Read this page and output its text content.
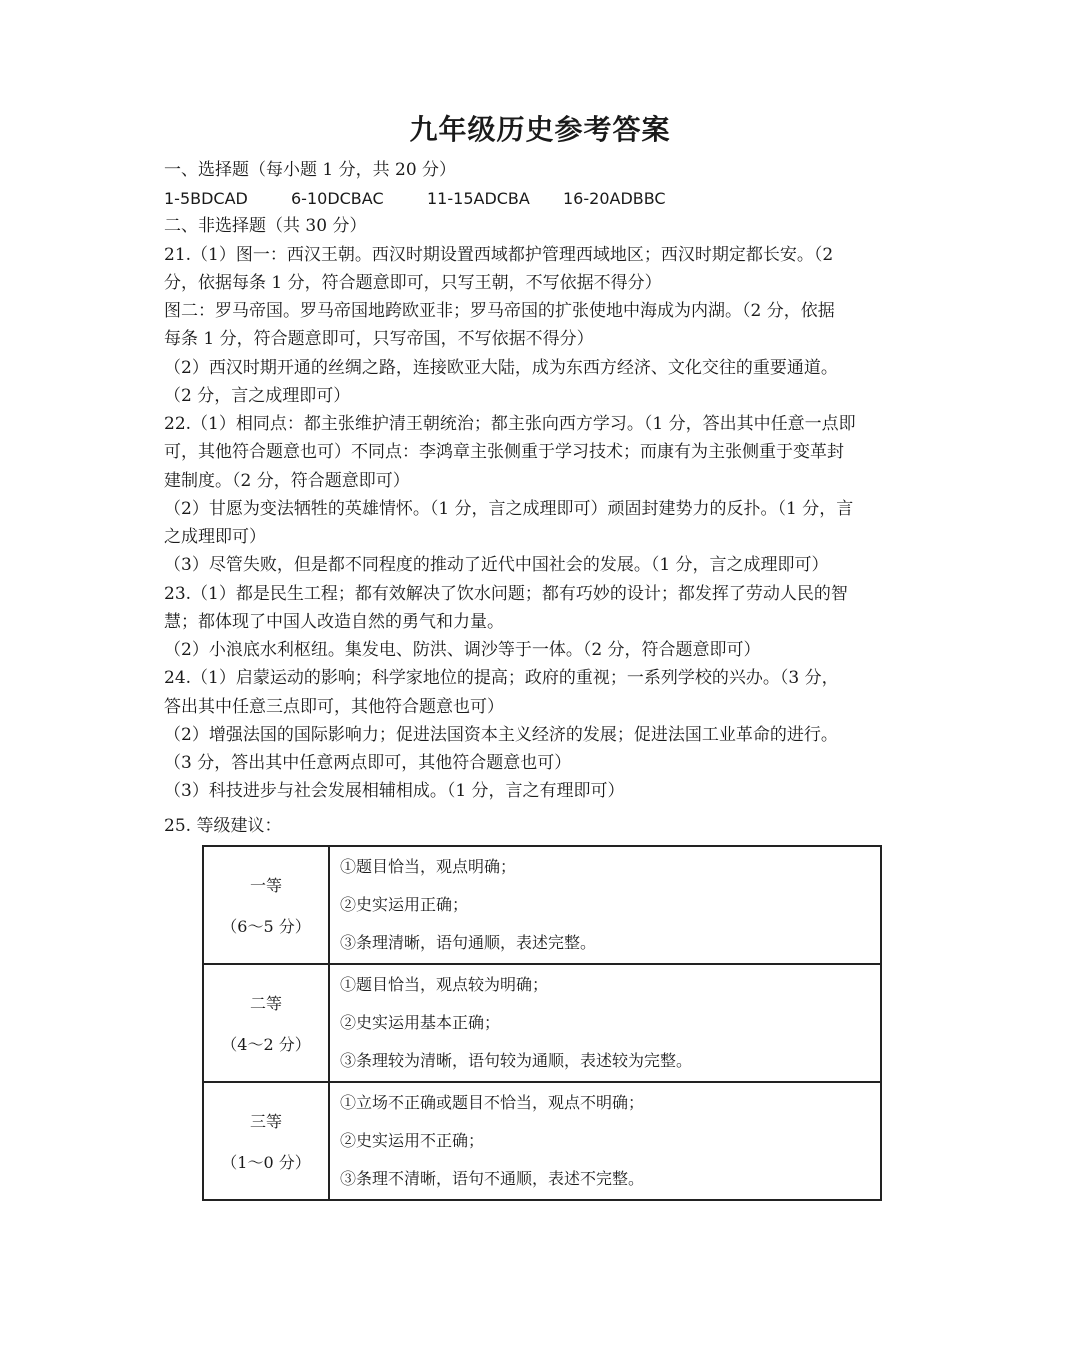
九年级历史参考答案
一、选择题（每小题 1 分，共 20 分）
1-5BDCAD	6-10DCBAC	11-15ADCBA 16-20ADBBC
二、非选择题（共 30 分）
21.（1）图一：西汉王朝。西汉时期设置西域都护管理西域地区；西汉时期定都长安。（2
分，依据每条 1 分，符合题意即可，只写王朝，不写依据不得分）
图二：罗马帝国。罗马帝国地跨欧亚非；罗马帝国的扩张使地中海成为内湖。（2 分，依据
每条 1 分，符合题意即可，只写帝国，不写依据不得分）
（2）西汉时期开通的丝绸之路，连接欧亚大陆，成为东西方经济、文化交往的重要通道。
（2 分，言之成理即可）
22.（1）相同点：都主张维护清王朝统治；都主张向西方学习。（1 分，答出其中任意一点即
可，其他符合题意也可）不同点：李鸿章主张侧重于学习技术；而康有为主张侧重于变革封
建制度。（2 分，符合题意即可）
（2）甘愿为变法牺牲的英雄情怀。（1 分，言之成理即可）顽固封建势力的反扑。（1 分，言
之成理即可）
（3）尽管失败，但是都不同程度的推动了近代中国社会的发展。（1 分，言之成理即可）
23.（1）都是民生工程；都有效解决了饮水问题；都有巧妙的设计；都发挥了劳动人民的智
慧；都体现了中国人改造自然的勇气和力量。
（2）小浪底水利枢纽。集发电、防洪、调沙等于一体。（2 分，符合题意即可）
24.（1）启蒙运动的影响；科学家地位的提高；政府的重视；一系列学校的兴办。（3 分，
答出其中任意三点即可，其他符合题意也可）
（2）增强法国的国际影响力；促进法国资本主义经济的发展；促进法国工业革命的进行。
（3 分，答出其中任意两点即可，其他符合题意也可）
（3）科技进步与社会发展相辅相成。（1 分，言之有理即可）
25. 等级建议：
一等
（6～5 分）	①题目恰当，观点明确；
②史实运用正确；
③条理清晰，语句通顺，表述完整。

二等
（4～2 分）	①题目恰当，观点较为明确；
②史实运用基本正确；
③条理较为清晰，语句较为通顺，表述较为完整。

三等
（1～0 分）	①立场不正确或题目不恰当，观点不明确；
②史实运用不正确；
③条理不清晰，语句不通顺，表述不完整。
